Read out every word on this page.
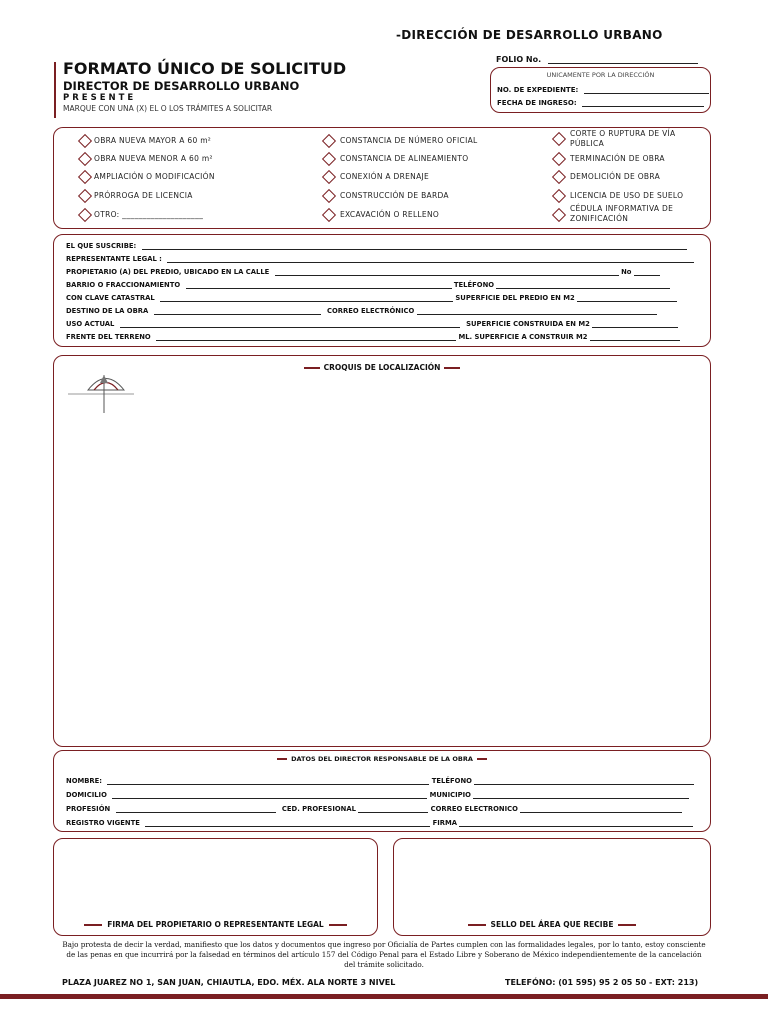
-DIRECCIÓN DE DESARROLLO URBANO
FORMATO ÚNICO DE SOLICITUD
DIRECTOR DE DESARROLLO URBANO
PRESENTE
MARQUE CON UNA (X) EL O LOS TRÁMITES A SOLICITAR
FOLIO No.
UNICAMENTE POR LA DIRECCIÓN
NO. DE EXPEDIENTE:
FECHA DE INGRESO:
OBRA NUEVA MAYOR A 60 m²
OBRA NUEVA MENOR A 60 m²
AMPLIACIÓN O MODIFICACIÓN
PRÓRROGA DE LICENCIA
OTRO: ____________________
CONSTANCIA DE NÚMERO OFICIAL
CONSTANCIA DE ALINEAMIENTO
CONEXIÓN A DRENAJE
CONSTRUCCIÓN DE BARDA
EXCAVACIÓN O RELLENO
CORTE O RUPTURA DE VÍA PÚBLICA
TERMINACIÓN DE OBRA
DEMOLICIÓN DE OBRA
LICENCIA DE USO DE SUELO
CÉDULA INFORMATIVA DE ZONIFICACIÓN
EL QUE SUSCRIBE:
REPRESENTANTE LEGAL :
PROPIETARIO (A) DEL PREDIO, UBICADO EN LA CALLE	No
BARRIO O FRACCIONAMIENTO	TELÉFONO
CON CLAVE CATASTRAL	SUPERFICIE DEL PREDIO EN M2
DESTINO DE LA OBRA	CORREO ELECTRÓNICO
USO ACTUAL	SUPERFICIE CONSTRUIDA EN M2
FRENTE DEL TERRENO	ML. SUPERFICIE A CONSTRUIR M2
CROQUIS DE LOCALIZACIÓN
DATOS DEL DIRECTOR RESPONSABLE DE LA OBRA
NOMBRE:	TELÉFONO
DOMICILIO	MUNICIPIO
PROFESIÓN	CED. PROFESIONAL	CORREO ELECTRONICO
REGISTRO VIGENTE	FIRMA
FIRMA DEL PROPIETARIO O REPRESENTANTE LEGAL	SELLO DEL ÁREA QUE RECIBE
Bajo protesta de decir la verdad, manifiesto que los datos y documentos que ingreso por Oficialía de Partes cumplen con las formalidades legales, por lo tanto, estoy consciente de las penas en que incurrirá por la falsedad en términos del artículo 157 del Código Penal para el Estado Libre y Soberano de México independientemente de la cancelación del trámite solicitado.
PLAZA JUAREZ NO 1, SAN JUAN, CHIAUTLA, EDO. MÉX. ALA NORTE 3 NIVEL	TELEFÓNO: (01 595) 95 2 05 50 - EXT: 213)
